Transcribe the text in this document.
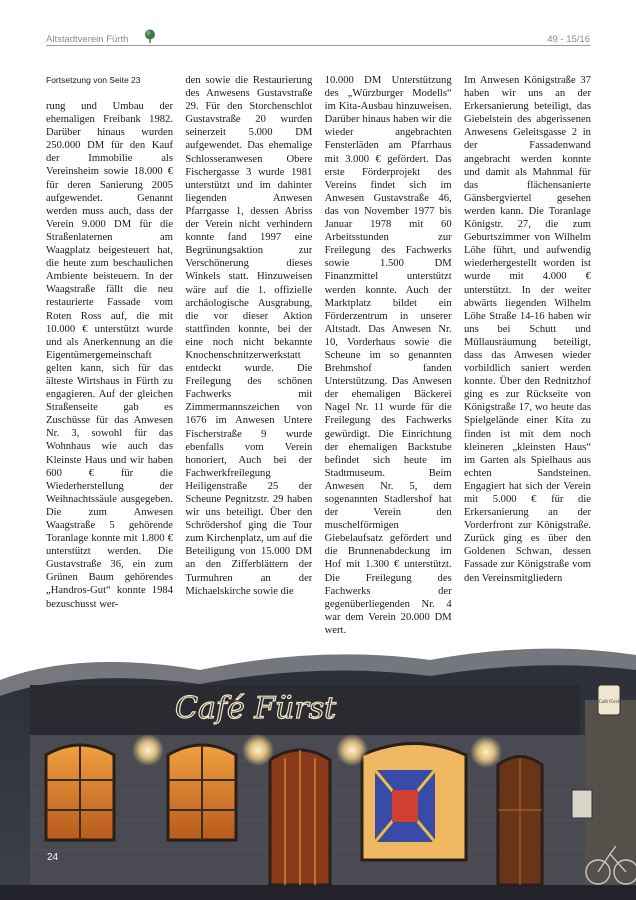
Altstadtverein Fürth	49 - 15/16
Fortsetzung von Seite 23

rung und Umbau der ehemaligen Freibank 1982. Darüber hinaus wurden 250.000 DM für den Kauf der Immobilie als Vereinsheim sowie 18.000 € für deren Sanierung 2005 aufgewendet. Genannt werden muss auch, dass der Verein 9.000 DM für die Straßenlaternen am Waagplatz beigesteuert hat, die heute zum beschaulichen Ambiente beisteuern. In der Waagstraße fällt die neu restaurierte Fassade vom Roten Ross auf, die mit 10.000 € unterstützt wurde und als Anerkennung an die Eigentümergemeinschaft gelten kann, sich für das älteste Wirtshaus in Fürth zu engagieren. Auf der gleichen Straßenseite gab es Zuschüsse für das Anwesen Nr. 3, sowohl für das Wohnhaus wie auch das Kleinste Haus und wir haben 600 € für die Wiederherstellung der Weihnachtssäule ausgegeben. Die zum Anwesen Waagstraße 5 gehörende Toranlage konnte mit 1.800 € unterstützt werden. Die Gustavstraße 36, ein zum Grünen Baum gehörendes „Handros-Gut“ konnte 1984 bezuschusst wer-

den sowie die Restaurierung des Anwesens Gustavstraße 29. Für den Storchenschlot Gustavstraße 20 wurden seinerzeit 5.000 DM aufgewendet. Das ehemalige Schlosseranwesen Obere Fischergasse 3 wurde 1981 unterstützt und im dahinter liegenden Anwesen Pfarrgasse 1, dessen Abriss der Verein nicht verhindern konnte fand 1997 eine Begrünungsaktion zur Verschönerung dieses Winkels statt. Hinzuweisen wäre auf die 1. offizielle archäologische Ausgrabung, die vor dieser Aktion stattfinden konnte, bei der eine noch nicht bekannte Knochenschnitzerwerkstatt entdeckt wurde. Die Freilegung des schönen Fachwerks mit Zimmermannszeichen von 1676 im Anwesen Untere Fischerstraße 9 wurde ebenfalls vom Verein honoriert, Auch bei der Fachwerkfreilegung Heiligenstraße 25 der Scheune Pegnitzstr. 29 haben wir uns beteiligt. Über den Schrödershof ging die Tour zum Kirchenplatz, um auf die Beteiligung von 15.000 DM an den Zifferblättern der Turmuhren an der Michaelskirche sowie die

10.000 DM Unterstützung des „Würzburger Modells“ im Kita-Ausbau hinzuweisen. Darüber hinaus haben wir die wieder angebrachten Fensterläden am Pfarrhaus mit 3.000 € gefördert. Das erste Förderprojekt des Vereins findet sich im Anwesen Gustavstraße 46, das von November 1977 bis Januar 1978 mit 60 Arbeitsstunden zur Freilegung des Fachwerks sowie 1.500 DM Finanzmittel unterstützt werden konnte. Auch der Marktplatz bildet ein Förderzentrum in unserer Altstadt. Das Anwesen Nr. 10, Vorderhaus sowie die Scheune im so genannten Brehmshof fanden Unterstützung. Das Anwesen der ehemaligen Bäckerei Nagel Nr. 11 wurde für die Freilegung des Fachwerks gewürdigt. Die Einrichtung der ehemaligen Backstube befindet sich heute im Stadtmuseum. Beim Anwesen Nr. 5, dem sogenannten Stadlershof hat der Verein den muschelförmigen Giebelaufsatz gefördert und die Brunnenabdeckung im Hof mit 1.300 € unterstützt. Die Freilegung des Fachwerks der gegenüberliegenden Nr. 4 war dem Verein 20.000 DM wert.

Im Anwesen Königstraße 37 haben wir uns an der Erkersanierung beteiligt, das Giebelstein des abgerissenen Anwesens Geleitsgasse 2 in der Fassadenwand angebracht werden konnte und damit als Mahnmal für das flächensanierte Gänsbergviertel gesehen werden kann. Die Toranlage Königstr. 27, die zum Geburtszimmer von Wilhelm Löhe führt, und aufwendig wiederhergestellt worden ist wurde mit 4.000 € unterstützt. In der weiter abwärts liegenden Wilhelm Löhe Straße 14-16 haben wir uns bei Schutt und Müllausräumung beteiligt, dass das Anwesen wieder vorbildlich saniert werden konnte. Über den Rednitzhof ging es zur Rückseite von Königstraße 17, wo heute das Spielgelände einer Kita zu finden ist mit dem noch kleineren „kleinsten Haus“ im Garten als Spielhaus aus echten Sandsteinen. Engagiert hat sich der Verein mit 5.000 € für die Erkersanierung an der Vorderfront zur Königstraße. Zurück ging es über den Goldenen Schwan, dessen Fassade zur Königstraße vom den Vereinsmitgliedern

Café Fürst	Café Fürst
24
